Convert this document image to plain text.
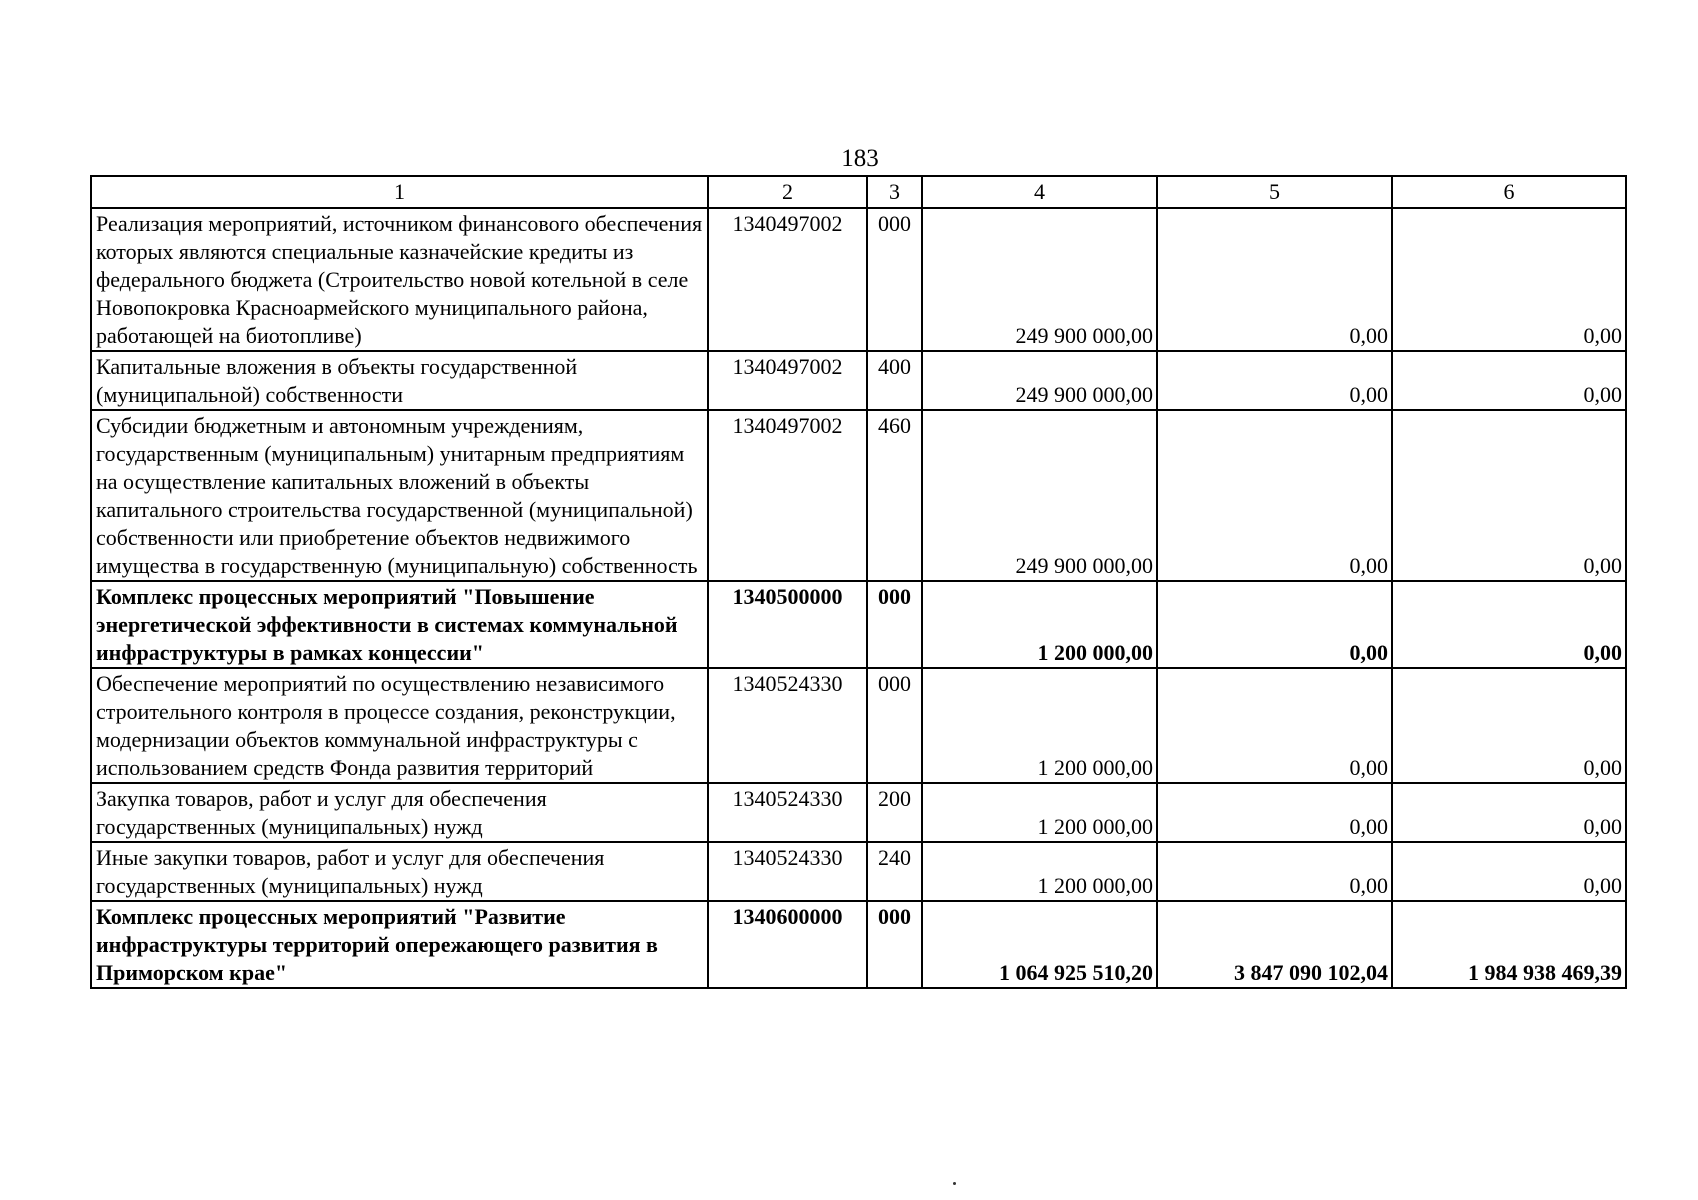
183
1	2	3	4	5	6
Реализация мероприятий, источником финансового обеспечения которых являются специальные казначейские кредиты из федерального бюджета (Строительство новой котельной в селе Новопокровка Красноармейского муниципального района, работающей на биотопливе)	1340497002	000	249 900 000,00	0,00	0,00
Капитальные вложения в объекты государственной (муниципальной) собственности	1340497002	400	249 900 000,00	0,00	0,00
Субсидии бюджетным и автономным учреждениям, государственным (муниципальным) унитарным предприятиям на осуществление капитальных вложений в объекты капитального строительства государственной (муниципальной) собственности или приобретение объектов недвижимого имущества в государственную (муниципальную) собственность	1340497002	460	249 900 000,00	0,00	0,00
Комплекс процессных мероприятий "Повышение энергетической эффективности в системах коммунальной инфраструктуры в рамках концессии"	1340500000	000	1 200 000,00	0,00	0,00
Обеспечение мероприятий по осуществлению независимого строительного контроля в процессе создания, реконструкции, модернизации объектов коммунальной инфраструктуры с использованием средств Фонда развития территорий	1340524330	000	1 200 000,00	0,00	0,00
Закупка товаров, работ и услуг для обеспечения государственных (муниципальных) нужд	1340524330	200	1 200 000,00	0,00	0,00
Иные закупки товаров, работ и услуг для обеспечения государственных (муниципальных) нужд	1340524330	240	1 200 000,00	0,00	0,00
Комплекс процессных мероприятий "Развитие инфраструктуры территорий опережающего развития в Приморском крае"	1340600000	000	1 064 925 510,20	3 847 090 102,04	1 984 938 469,39
